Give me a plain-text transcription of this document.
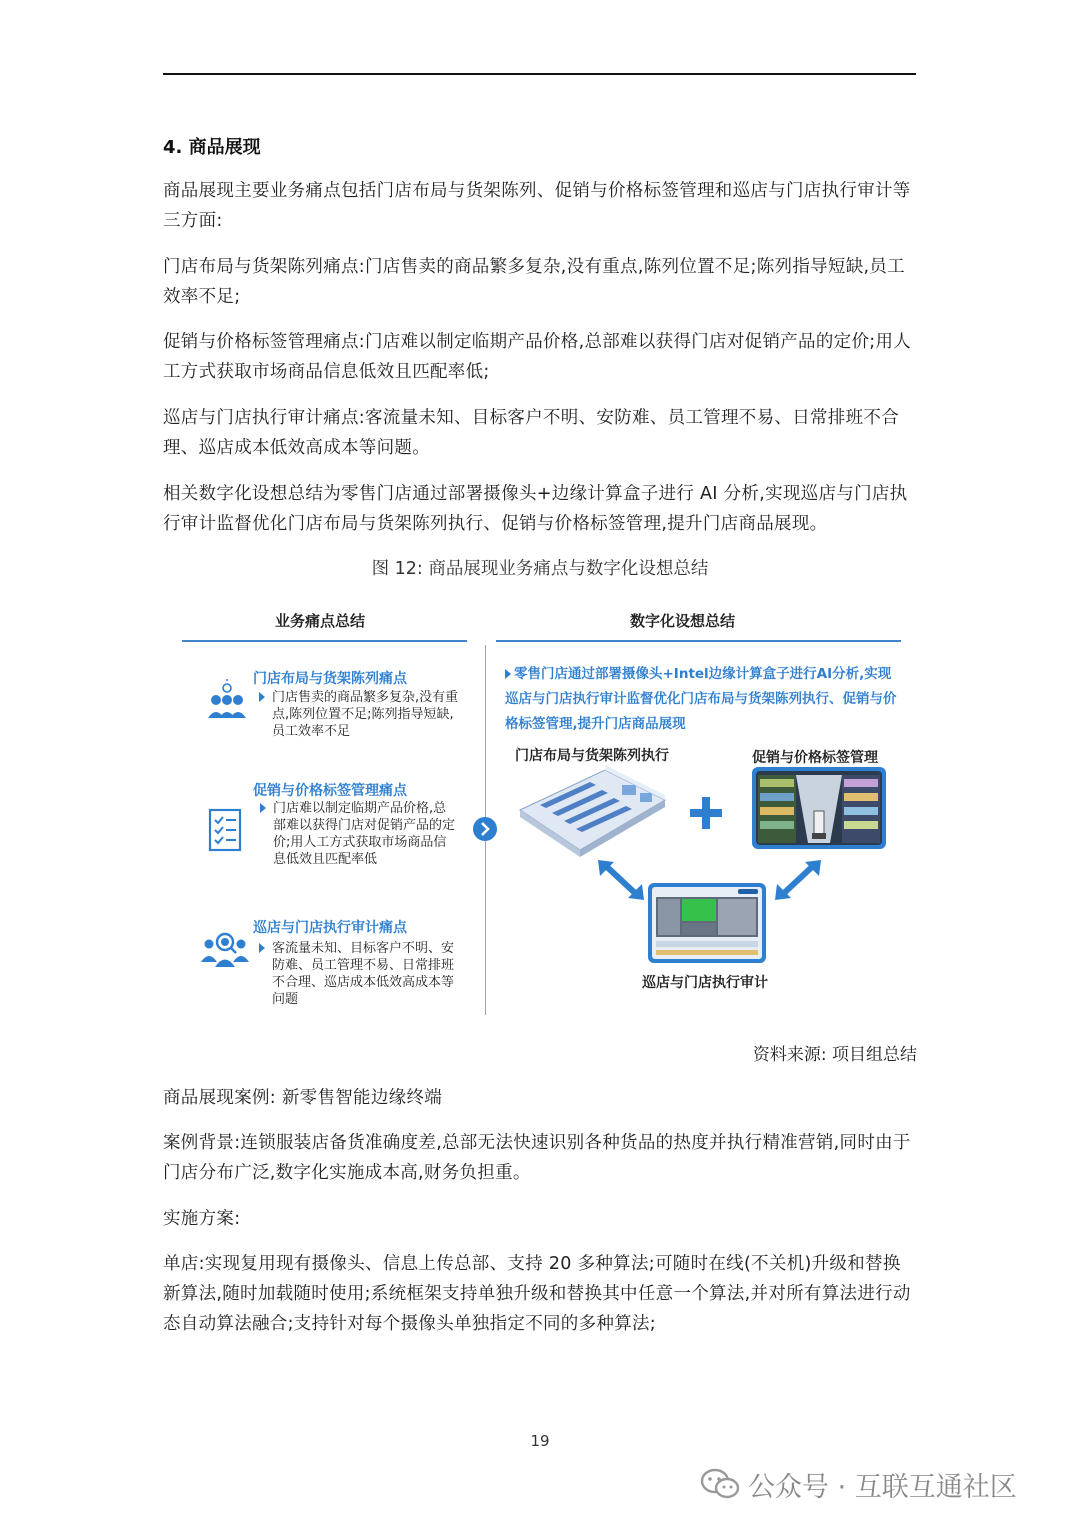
4. 商品展现
商品展现主要业务痛点包括门店布局与货架陈列、促销与价格标签管理和巡店与门店执行审计等三方面:
门店布局与货架陈列痛点:门店售卖的商品繁多复杂,没有重点,陈列位置不足;陈列指导短缺,员工效率不足;
促销与价格标签管理痛点:门店难以制定临期产品价格,总部难以获得门店对促销产品的定价;用人工方式获取市场商品信息低效且匹配率低;
巡店与门店执行审计痛点:客流量未知、目标客户不明、安防难、员工管理不易、日常排班不合理、巡店成本低效高成本等问题。
相关数字化设想总结为零售门店通过部署摄像头+边缘计算盒子进行 AI 分析,实现巡店与门店执行审计监督优化门店布局与货架陈列执行、促销与价格标签管理,提升门店商品展现。
图 12: 商品展现业务痛点与数字化设想总结
业务痛点总结	数字化设想总结
门店布局与货架陈列痛点
门店售卖的商品繁多复杂,没有重点,陈列位置不足;陈列指导短缺,员工效率不足
促销与价格标签管理痛点
门店难以制定临期产品价格,总部难以获得门店对促销产品的定价;用人工方式获取市场商品信息低效且匹配率低
巡店与门店执行审计痛点
客流量未知、目标客户不明、安防难、员工管理不易、日常排班不合理、巡店成本低效高成本等问题
零售门店通过部署摄像头+Intel边缘计算盒子进行AI分析,实现巡店与门店执行审计监督优化门店布局与货架陈列执行、促销与价格标签管理,提升门店商品展现
门店布局与货架陈列执行	促销与价格标签管理
巡店与门店执行审计
资料来源: 项目组总结
商品展现案例: 新零售智能边缘终端
案例背景:连锁服装店备货准确度差,总部无法快速识别各种货品的热度并执行精准营销,同时由于门店分布广泛,数字化实施成本高,财务负担重。
实施方案:
单店:实现复用现有摄像头、信息上传总部、支持 20 多种算法;可随时在线(不关机)升级和替换新算法,随时加载随时使用;系统框架支持单独升级和替换其中任意一个算法,并对所有算法进行动态自动算法融合;支持针对每个摄像头单独指定不同的多种算法;
19
公众号 · 互联互通社区
